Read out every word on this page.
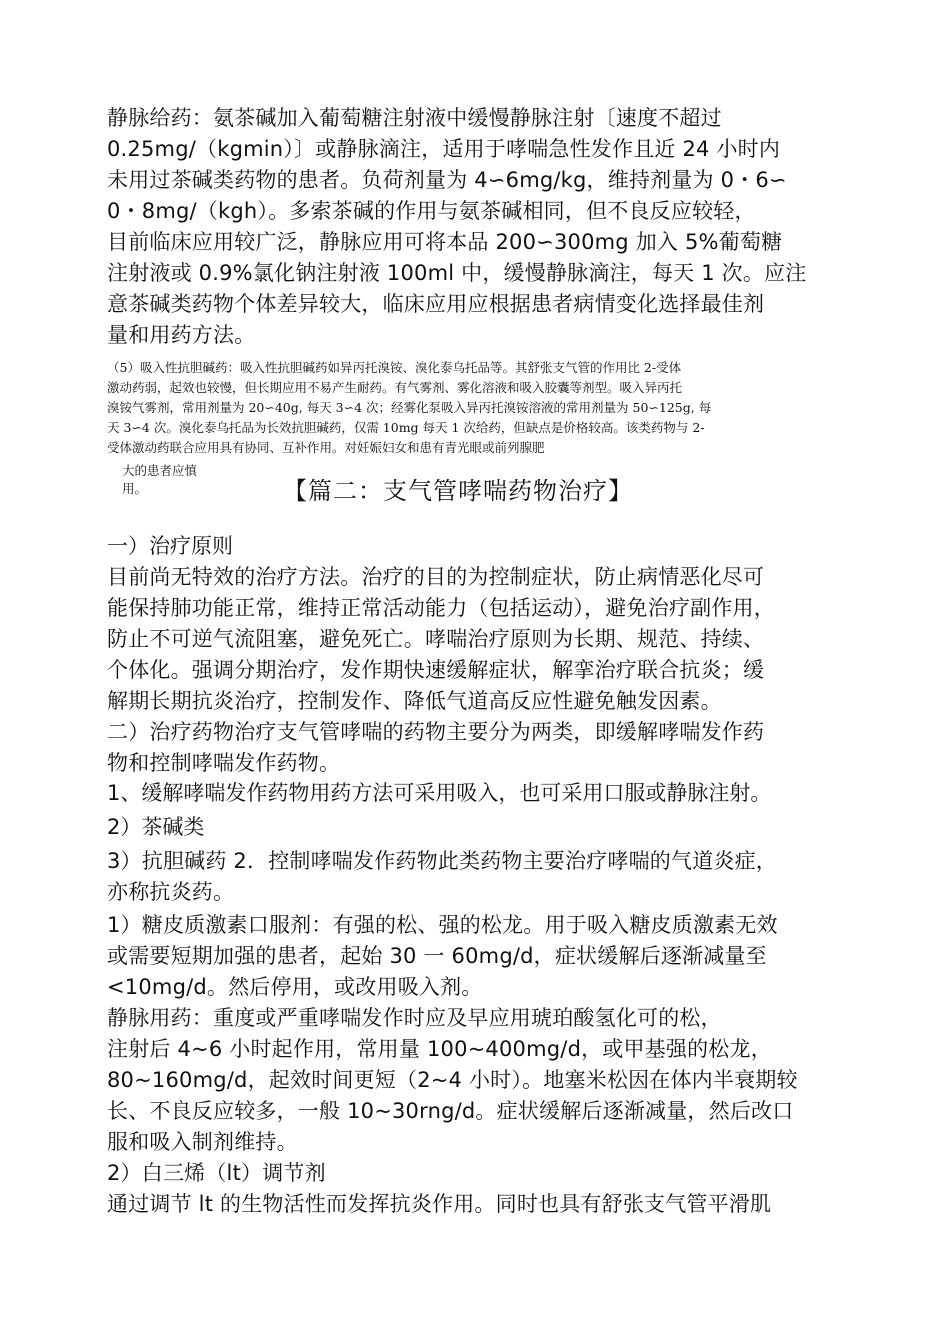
静脉给药：氨茶碱加入葡萄糖注射液中缓慢静脉注射〔速度不超过
0.25mg/（kgmin）〕或静脉滴注，适用于哮喘急性发作且近 24 小时内
未用过茶碱类药物的患者。负荷剂量为 4∽6mg/kg，维持剂量为 0・6∽
0・8mg/（kgh）。多索茶碱的作用与氨茶碱相同，但不良反应较轻，
目前临床应用较广泛，静脉应用可将本品 200∽300mg 加入 5%葡萄糖
注射液或 0.9%氯化钠注射液 100ml 中，缓慢静脉滴注，每天 1 次。应注
意茶碱类药物个体差异较大，临床应用应根据患者病情变化选择最佳剂
量和用药方法。
（5）吸入性抗胆碱药：吸入性抗胆碱药如异丙托溴铵、溴化泰乌托品等。其舒张支气管的作用比 2-受体
激动药弱，起效也较慢，但长期应用不易产生耐药。有气雾剂、雾化溶液和吸入胶囊等剂型。吸入异丙托
溴铵气雾剂，常用剂量为 20∽40g, 每天 3∽4 次；经雾化泵吸入异丙托溴铵溶液的常用剂量为 50∽125g, 每
天 3∽4 次。溴化泰乌托品为长效抗胆碱药，仅需 10mg 每天 1 次给药，但缺点是价格较高。该类药物与 2-
受体激动药联合应用具有协同、互补作用。对妊娠妇女和患有青光眼或前列腺肥
大的患者应慎
用。	【篇二：支气管哮喘药物治疗】
一）治疗原则
目前尚无特效的治疗方法。治疗的目的为控制症状，防止病情恶化尽可
能保持肺功能正常，维持正常活动能力（包括运动），避免治疗副作用，
防止不可逆气流阻塞，避免死亡。哮喘治疗原则为长期、规范、持续、
个体化。强调分期治疗，发作期快速缓解症状，解挛治疗联合抗炎；缓
解期长期抗炎治疗，控制发作、降低气道高反应性避免触发因素。
二）治疗药物治疗支气管哮喘的药物主要分为两类，即缓解哮喘发作药
物和控制哮喘发作药物。
1、缓解哮喘发作药物用药方法可采用吸入，也可采用口服或静脉注射。
2）茶碱类
3）抗胆碱药 2．控制哮喘发作药物此类药物主要治疗哮喘的气道炎症，
亦称抗炎药。
1）糖皮质激素口服剂：有强的松、强的松龙。用于吸入糖皮质激素无效
或需要短期加强的患者，起始 30 一 60mg/d，症状缓解后逐渐减量至
<10mg/d。然后停用，或改用吸入剂。
静脉用药：重度或严重哮喘发作时应及早应用琥珀酸氢化可的松，
注射后 4~6 小时起作用，常用量 100~400mg/d，或甲基强的松龙，
80~160mg/d，起效时间更短（2~4 小时）。地塞米松因在体内半衰期较
长、不良反应较多，一般 10~30rng/d。症状缓解后逐渐减量，然后改口
服和吸入制剂维持。
2）白三烯（lt）调节剂
通过调节 lt 的生物活性而发挥抗炎作用。同时也具有舒张支气管平滑肌
